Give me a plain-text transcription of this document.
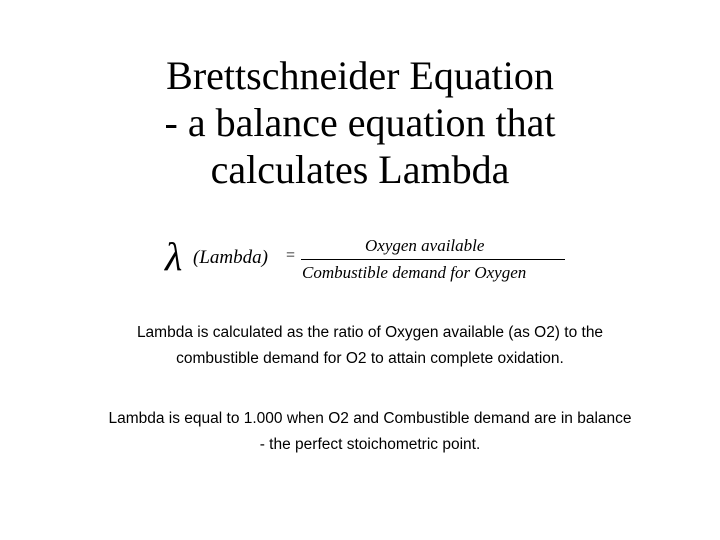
Brettschneider Equation
- a balance equation that
calculates Lambda
λ (Lambda) =
Oxygen available
Combustible demand for Oxygen

Lambda is calculated as the ratio of Oxygen available (as O2) to the
combustible demand for O2 to attain complete oxidation.

Lambda is equal to 1.000 when O2 and Combustible demand are in balance
- the perfect stoichometric point.
